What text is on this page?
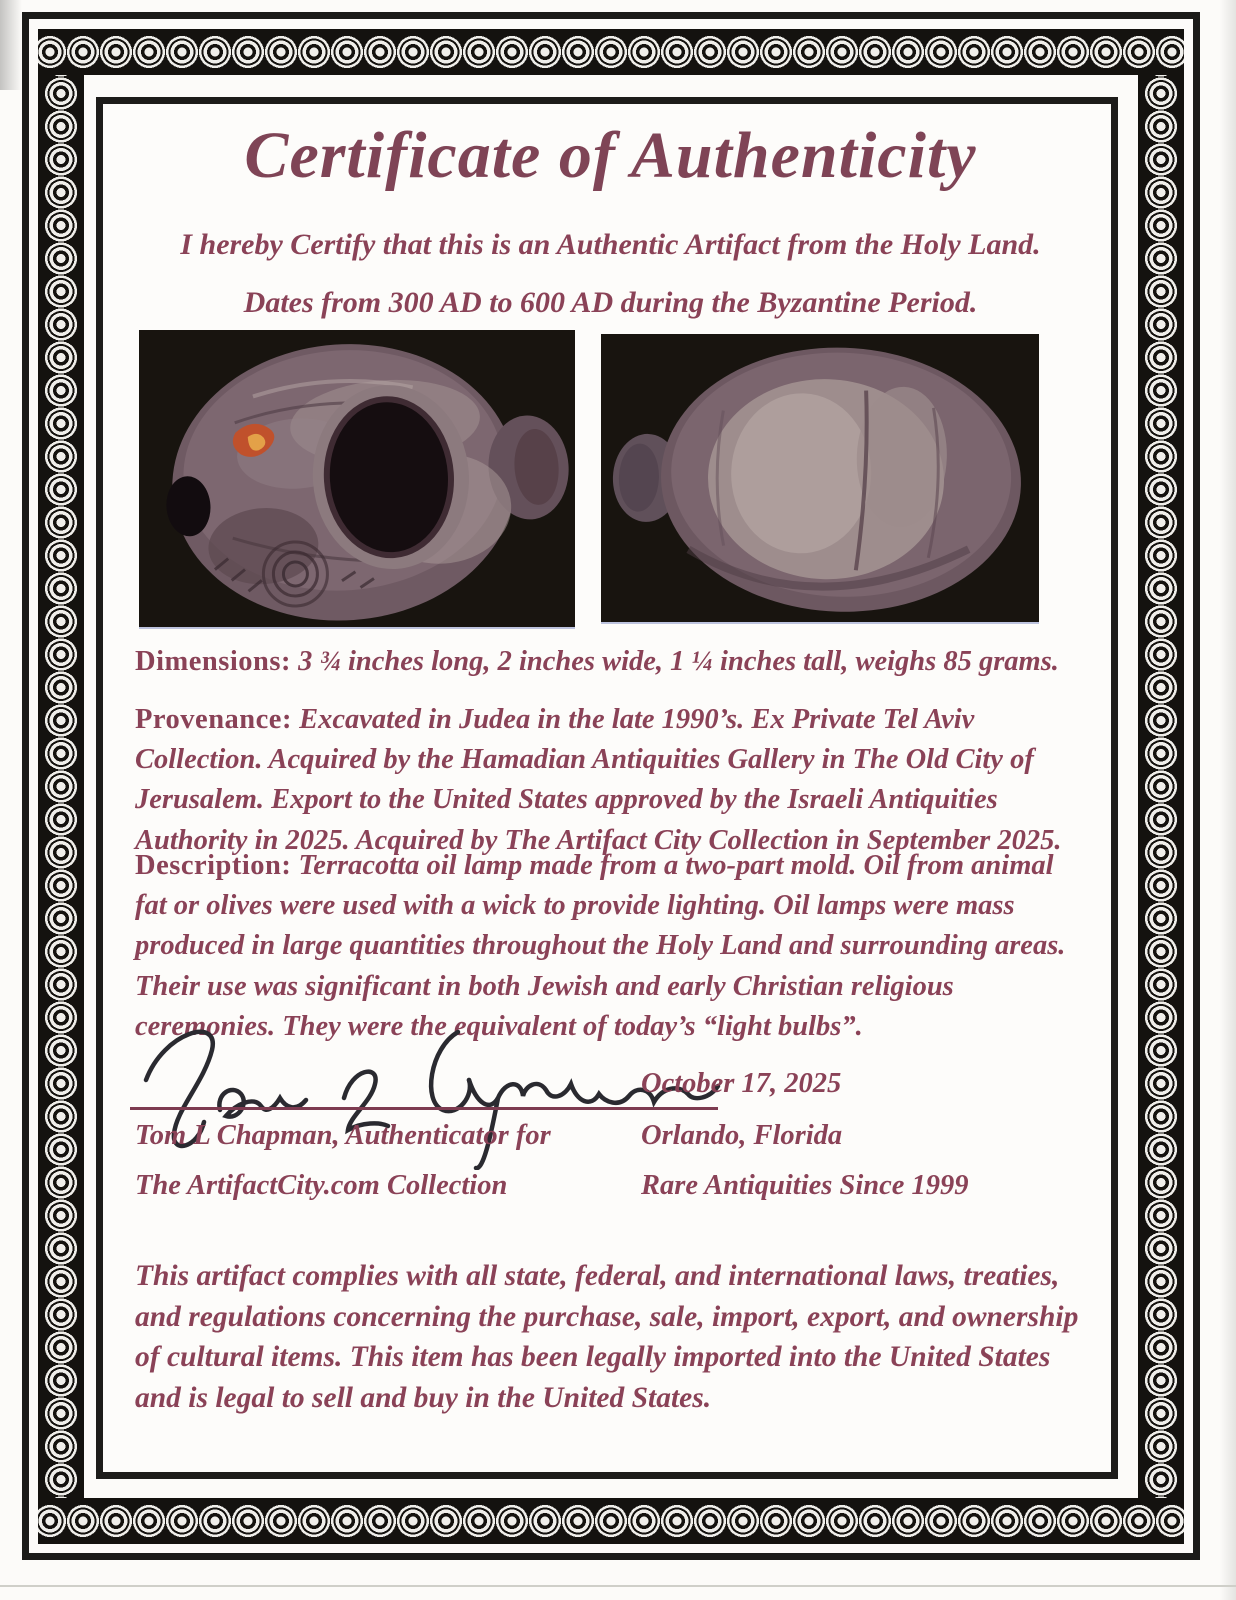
Certificate of Authenticity
I hereby Certify that this is an Authentic Artifact from the Holy Land.
Dates from 300 AD to 600 AD during the Byzantine Period.
Dimensions: 3 ¾ inches long, 2 inches wide, 1 ¼ inches tall, weighs 85 grams.
Provenance: Excavated in Judea in the late 1990’s. Ex Private Tel Aviv Collection. Acquired by the Hamadian Antiquities Gallery in The Old City of Jerusalem. Export to the United States approved by the Israeli Antiquities Authority in 2025. Acquired by The Artifact City Collection in September 2025.
Description: Terracotta oil lamp made from a two-part mold. Oil from animal fat or olives were used with a wick to provide lighting. Oil lamps were mass produced in large quantities throughout the Holy Land and surrounding areas. Their use was significant in both Jewish and early Christian religious ceremonies. They were the equivalent of today’s “light bulbs”.
Tom L Chapman, Authenticator for
The ArtifactCity.com Collection
October 17, 2025
Orlando, Florida
Rare Antiquities Since 1999
This artifact complies with all state, federal, and international laws, treaties, and regulations concerning the purchase, sale, import, export, and ownership of cultural items. This item has been legally imported into the United States and is legal to sell and buy in the United States.
